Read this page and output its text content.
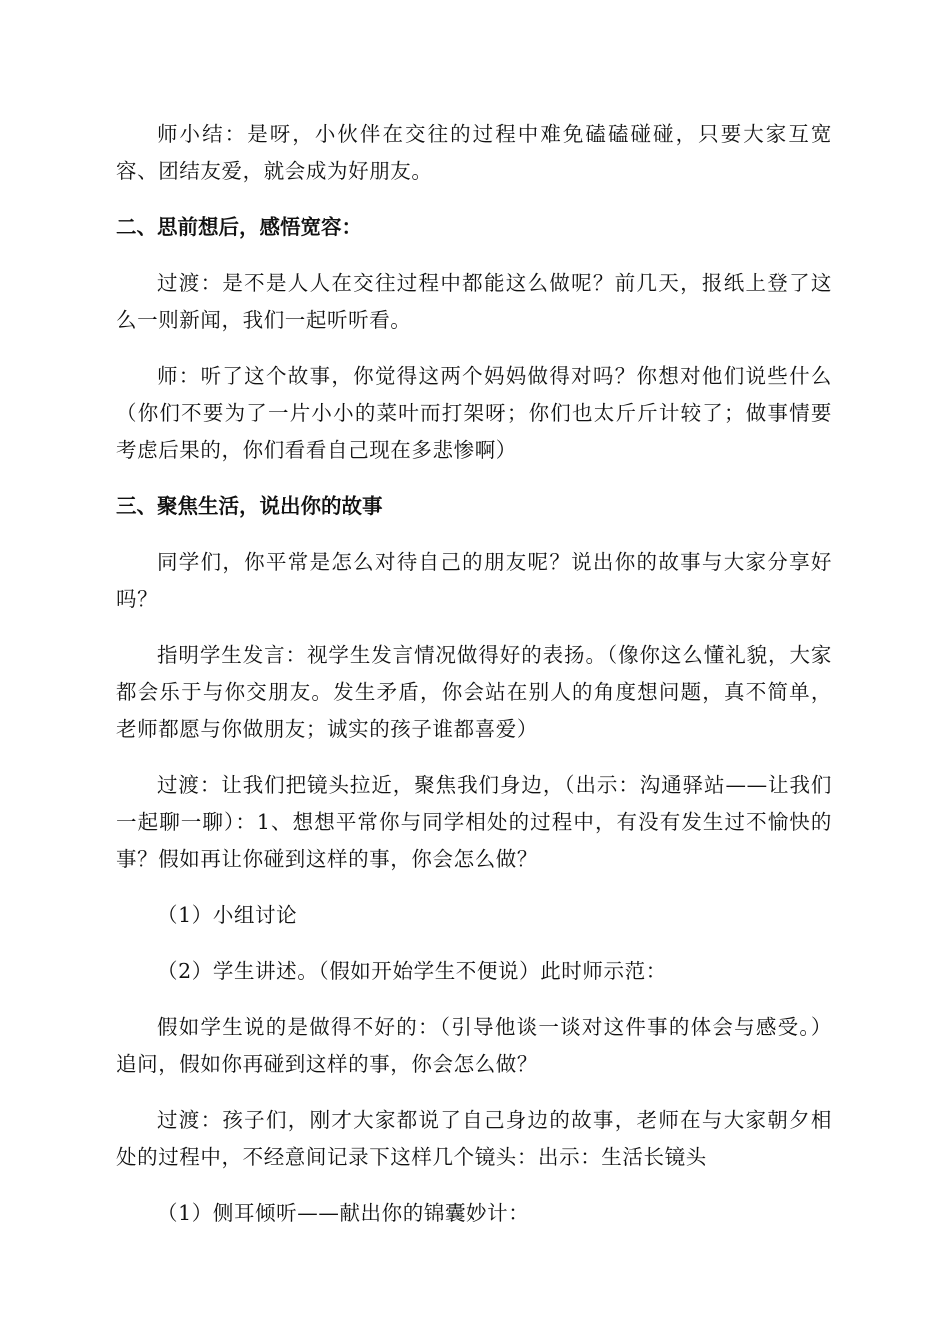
师小结：是呀，小伙伴在交往的过程中难免磕磕碰碰，只要大家互宽容、团结友爱，就会成为好朋友。

二、思前想后，感悟宽容：

过渡：是不是人人在交往过程中都能这么做呢？前几天，报纸上登了这么一则新闻，我们一起听听看。

师：听了这个故事，你觉得这两个妈妈做得对吗？你想对他们说些什么（你们不要为了一片小小的菜叶而打架呀；你们也太斤斤计较了；做事情要考虑后果的，你们看看自己现在多悲惨啊）

三、聚焦生活，说出你的故事

同学们，你平常是怎么对待自己的朋友呢？说出你的故事与大家分享好吗？

指明学生发言：视学生发言情况做得好的表扬。（像你这么懂礼貌，大家都会乐于与你交朋友。发生矛盾，你会站在别人的角度想问题，真不简单，老师都愿与你做朋友；诚实的孩子谁都喜爱）

过渡：让我们把镜头拉近，聚焦我们身边，（出示：沟通驿站——让我们一起聊一聊）：1、想想平常你与同学相处的过程中，有没有发生过不愉快的事？假如再让你碰到这样的事，你会怎么做？

（1）小组讨论

（2）学生讲述。（假如开始学生不便说）此时师示范：

假如学生说的是做得不好的：（引导他谈一谈对这件事的体会与感受。）追问，假如你再碰到这样的事，你会怎么做？

过渡：孩子们，刚才大家都说了自己身边的故事，老师在与大家朝夕相处的过程中，不经意间记录下这样几个镜头：出示：生活长镜头

（1）侧耳倾听——献出你的锦囊妙计：
